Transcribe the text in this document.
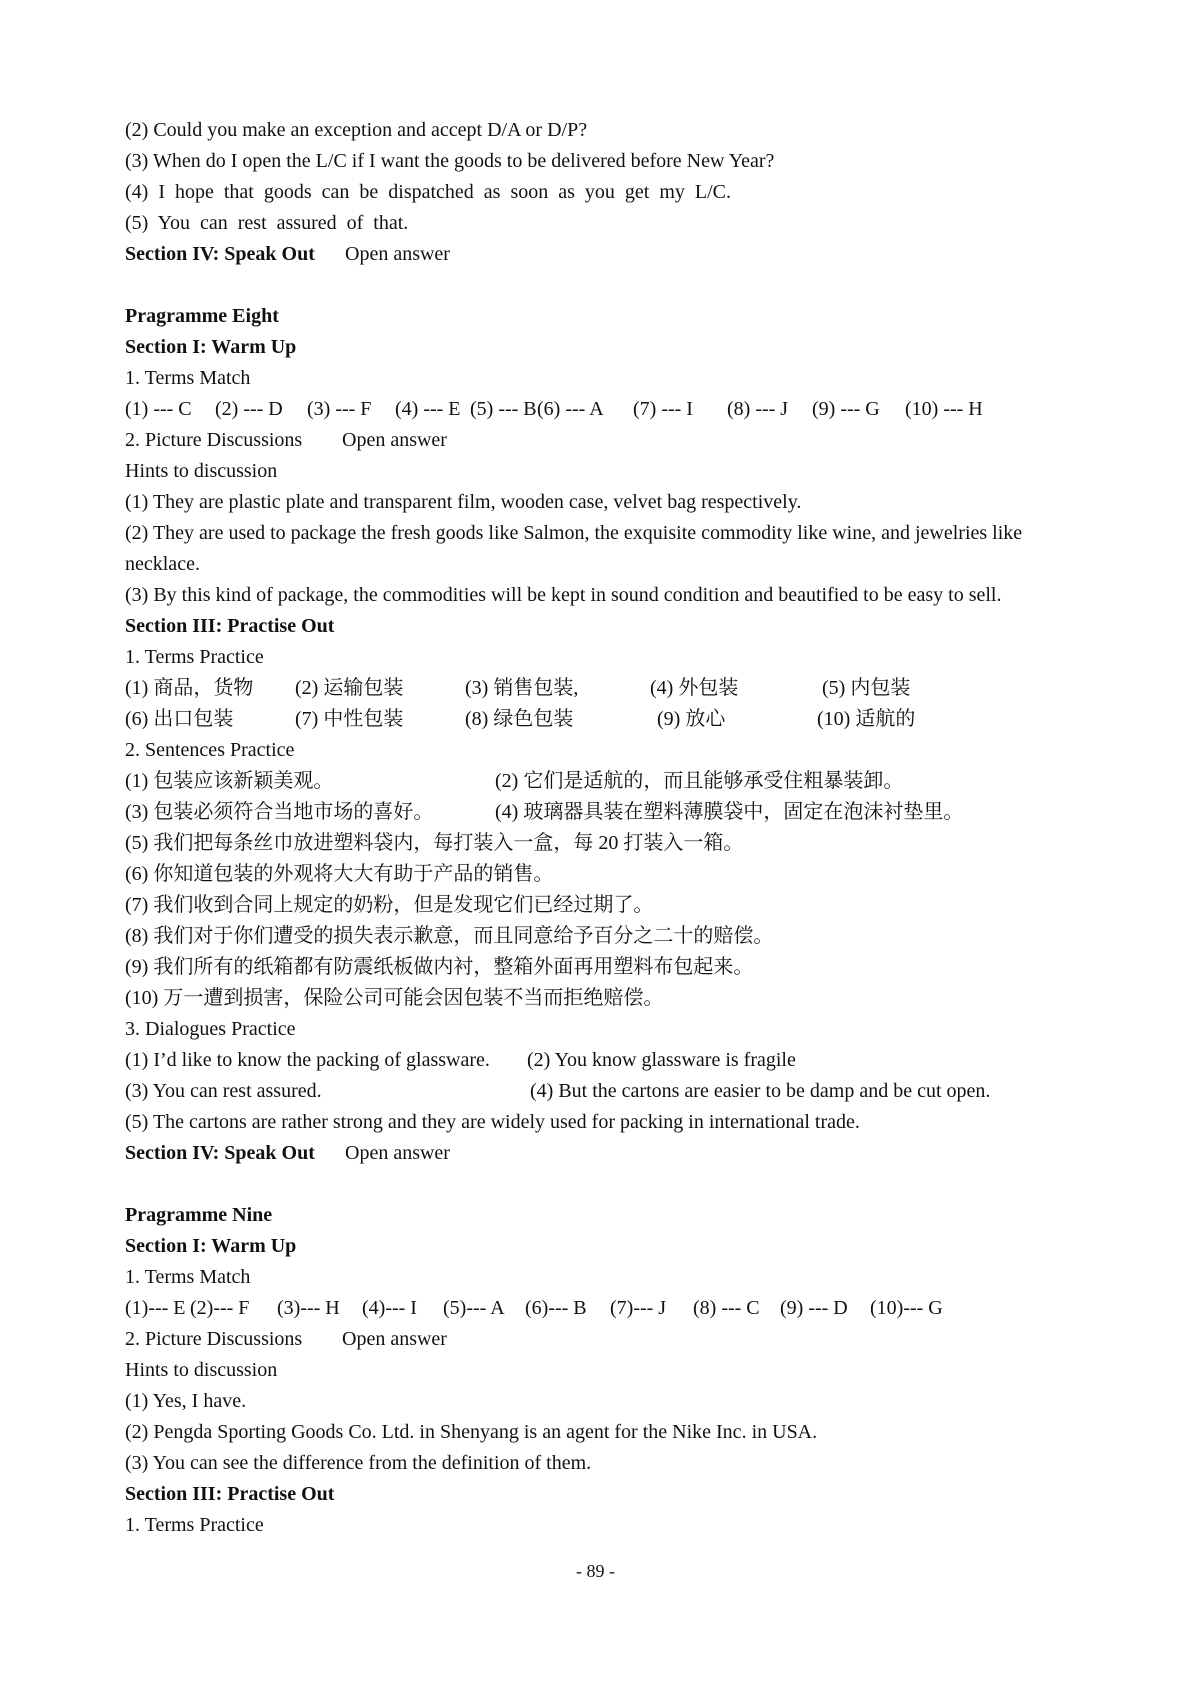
(2) Could you make an exception and accept D/A or D/P?
(3) When do I open the L/C if I want the goods to be delivered before New Year?
(4) I hope that goods can be dispatched as soon as you get my L/C.
(5) You can rest assured of that.
Section IV: Speak Out Open answer
Pragramme Eight
Section I: Warm Up
1. Terms Match
(1) --- C (2) --- D (3) --- F (4) --- E (5) --- B (6) --- A (7) --- I (8) --- J (9) --- G (10) --- H
2. Picture Discussions Open answer
Hints to discussion
(1) They are plastic plate and transparent film, wooden case, velvet bag respectively.
(2) They are used to package the fresh goods like Salmon, the exquisite commodity like wine, and jewelries like
necklace.
(3) By this kind of package, the commodities will be kept in sound condition and beautified to be easy to sell.
Section III: Practise Out
1. Terms Practice
(1) 商品，货物 (2) 运输包装	(3) 销售包装,	(4) 外包装	(5) 内包装
(6) 出口包装	(7) 中性包装	(8) 绿色包装	(9) 放心	(10) 适航的
2. Sentences Practice
(1) 包装应该新颖美观。	(2) 它们是适航的，而且能够承受住粗暴装卸。
(3) 包装必须符合当地市场的喜好。	(4) 玻璃器具装在塑料薄膜袋中，固定在泡沫衬垫里。
(5) 我们把每条丝巾放进塑料袋内，每打装入一盒，每 20 打装入一箱。
(6) 你知道包装的外观将大大有助于产品的销售。
(7) 我们收到合同上规定的奶粉，但是发现它们已经过期了。
(8) 我们对于你们遭受的损失表示歉意，而且同意给予百分之二十的赔偿。
(9) 我们所有的纸箱都有防震纸板做内衬，整箱外面再用塑料布包起来。
(10) 万一遭到损害，保险公司可能会因包装不当而拒绝赔偿。
3. Dialogues Practice
(1) I’d like to know the packing of glassware. (2) You know glassware is fragile
(3) You can rest assured.	(4) But the cartons are easier to be damp and be cut open.
(5) The cartons are rather strong and they are widely used for packing in international trade.
Section IV: Speak Out Open answer
Pragramme Nine
Section I: Warm Up
1. Terms Match
(1)--- E (2)--- F (3)--- H (4)--- I (5)--- A (6)--- B (7)--- J (8) --- C (9) --- D (10)--- G
2. Picture Discussions Open answer
Hints to discussion
(1) Yes, I have.
(2) Pengda Sporting Goods Co. Ltd. in Shenyang is an agent for the Nike Inc. in USA.
(3) You can see the difference from the definition of them.
Section III: Practise Out
1. Terms Practice
- 89 -
